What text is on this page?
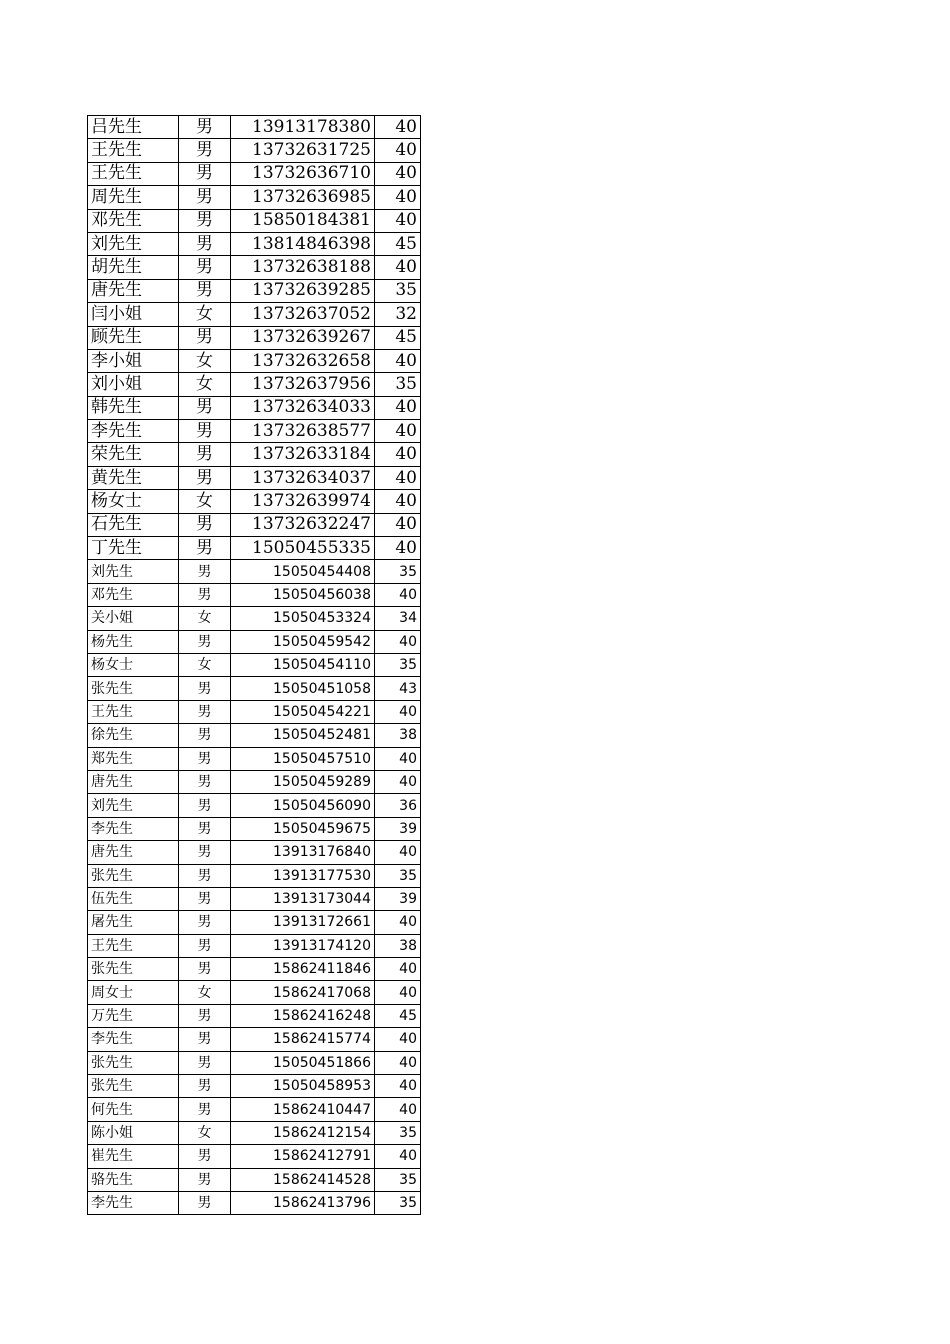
吕先生	男	13913178380	40
王先生	男	13732631725	40
王先生	男	13732636710	40
周先生	男	13732636985	40
邓先生	男	15850184381	40
刘先生	男	13814846398	45
胡先生	男	13732638188	40
唐先生	男	13732639285	35
闫小姐	女	13732637052	32
顾先生	男	13732639267	45
李小姐	女	13732632658	40
刘小姐	女	13732637956	35
韩先生	男	13732634033	40
李先生	男	13732638577	40
荣先生	男	13732633184	40
黄先生	男	13732634037	40
杨女士	女	13732639974	40
石先生	男	13732632247	40
丁先生	男	15050455335	40
刘先生	男	15050454408	35
邓先生	男	15050456038	40
关小姐	女	15050453324	34
杨先生	男	15050459542	40
杨女士	女	15050454110	35
张先生	男	15050451058	43
王先生	男	15050454221	40
徐先生	男	15050452481	38
郑先生	男	15050457510	40
唐先生	男	15050459289	40
刘先生	男	15050456090	36
李先生	男	15050459675	39
唐先生	男	13913176840	40
张先生	男	13913177530	35
伍先生	男	13913173044	39
屠先生	男	13913172661	40
王先生	男	13913174120	38
张先生	男	15862411846	40
周女士	女	15862417068	40
万先生	男	15862416248	45
李先生	男	15862415774	40
张先生	男	15050451866	40
张先生	男	15050458953	40
何先生	男	15862410447	40
陈小姐	女	15862412154	35
崔先生	男	15862412791	40
骆先生	男	15862414528	35
李先生	男	15862413796	35
